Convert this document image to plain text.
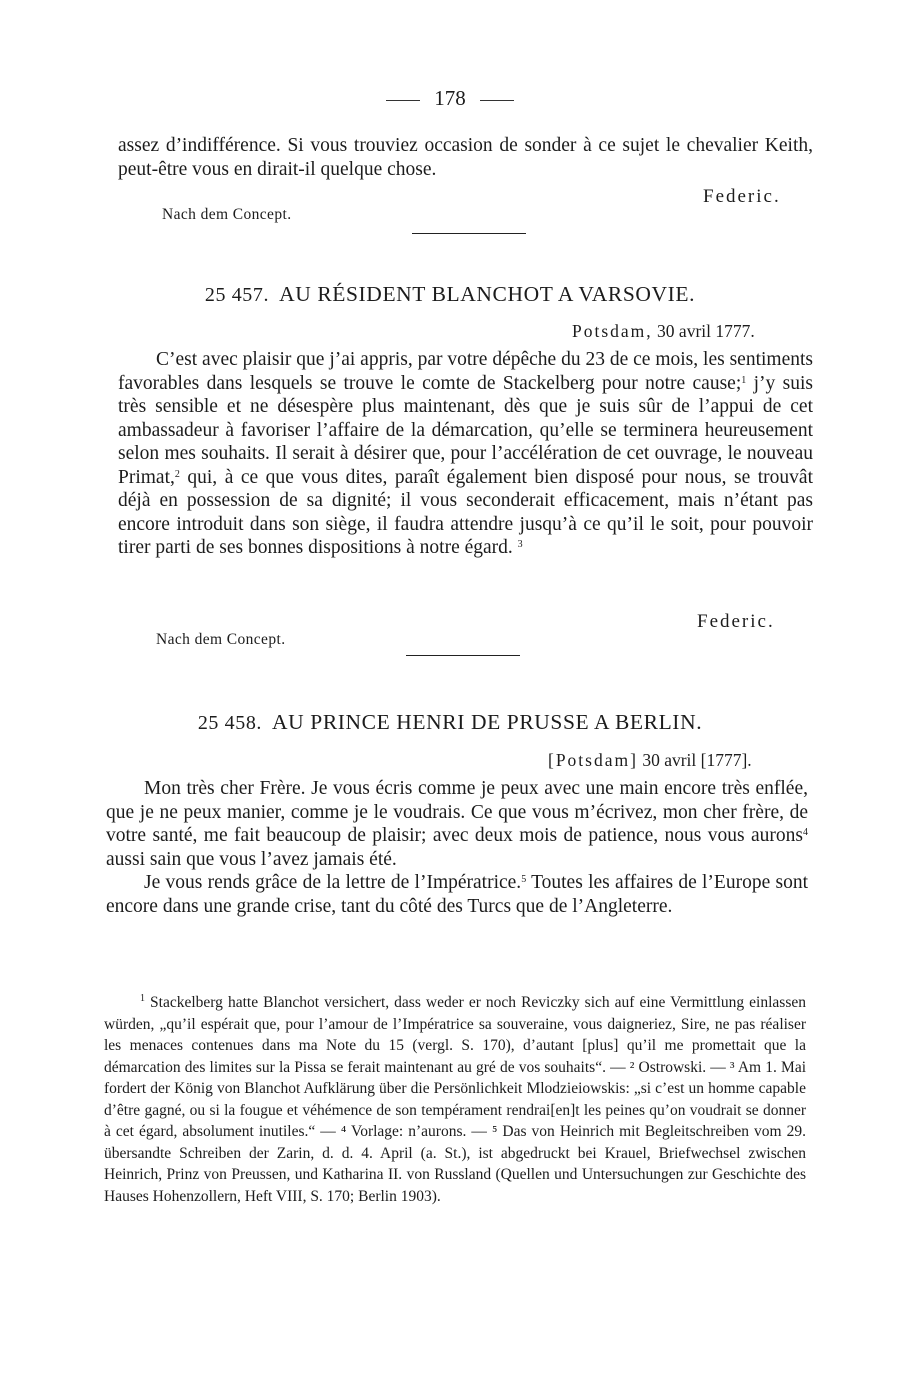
178

assez d’indifférence. Si vous trouviez occasion de sonder à ce sujet le chevalier Keith, peut-être vous en dirait-il quelque chose.

Federic.
Nach dem Concept.
25 457. AU RÉSIDENT BLANCHOT A VARSOVIE.
Potsdam, 30 avril 1777.

C’est avec plaisir que j’ai appris, par votre dépêche du 23 de ce mois, les sentiments favorables dans lesquels se trouve le comte de Stackelberg pour notre cause;$^1$ j’y suis très sensible et ne désespère plus maintenant, dès que je suis sûr de l’appui de cet ambassadeur à favoriser l’affaire de la démarcation, qu’elle se terminera heureusement selon mes souhaits. Il serait à désirer que, pour l’accélération de cet ouvrage, le nouveau Primat,$^2$ qui, à ce que vous dites, paraît également bien disposé pour nous, se trouvât déjà en possession de sa dignité; il vous seconderait efficacement, mais n’étant pas encore introduit dans son siège, il faudra attendre jusqu’à ce qu’il le soit, pour pouvoir tirer parti de ses bonnes dispositions à notre égard. $^3$

Federic.
Nach dem Concept.
25 458. AU PRINCE HENRI DE PRUSSE A BERLIN.
[Potsdam] 30 avril [1777].

Mon très cher Frère. Je vous écris comme je peux avec une main encore très enflée, que je ne peux manier, comme je le voudrais. Ce que vous m’écrivez, mon cher frère, de votre santé, me fait beaucoup de plaisir; avec deux mois de patience, nous vous aurons$^4$ aussi sain que vous l’avez jamais été.

Je vous rends grâce de la lettre de l’Impératrice.$^5$ Toutes les affaires de l’Europe sont encore dans une grande crise, tant du côté des Turcs que de l’Angleterre.

$^1$ Stackelberg hatte Blanchot versichert, dass weder er noch Reviczky sich auf eine Vermittlung einlassen würden, „qu’il espérait que, pour l’amour de l’Impératrice sa souveraine, vous daigneriez, Sire, ne pas réaliser les menaces contenues dans ma Note du 15 (vergl. S. 170), d’autant [plus] qu’il me promettait que la démarcation des limites sur la Pissa se ferait maintenant au gré de vos souhaits“. — ² Ostrowski. — ³ Am 1. Mai fordert der König von Blanchot Aufklärung über die Persönlichkeit Mlodzieiowskis: „si c’est un homme capable d’être gagné, ou si la fougue et véhémence de son tempérament rendrai[en]t les peines qu’on voudrait se donner à cet égard, absolument inutiles.“ — ⁴ Vorlage: n’aurons. — ⁵ Das von Heinrich mit Begleitschreiben vom 29. übersandte Schreiben der Zarin, d. d. 4. April (a. St.), ist abgedruckt bei Krauel, Briefwechsel zwischen Heinrich, Prinz von Preussen, und Katharina II. von Russland (Quellen und Untersuchungen zur Geschichte des Hauses Hohenzollern, Heft VIII, S. 170; Berlin 1903).
